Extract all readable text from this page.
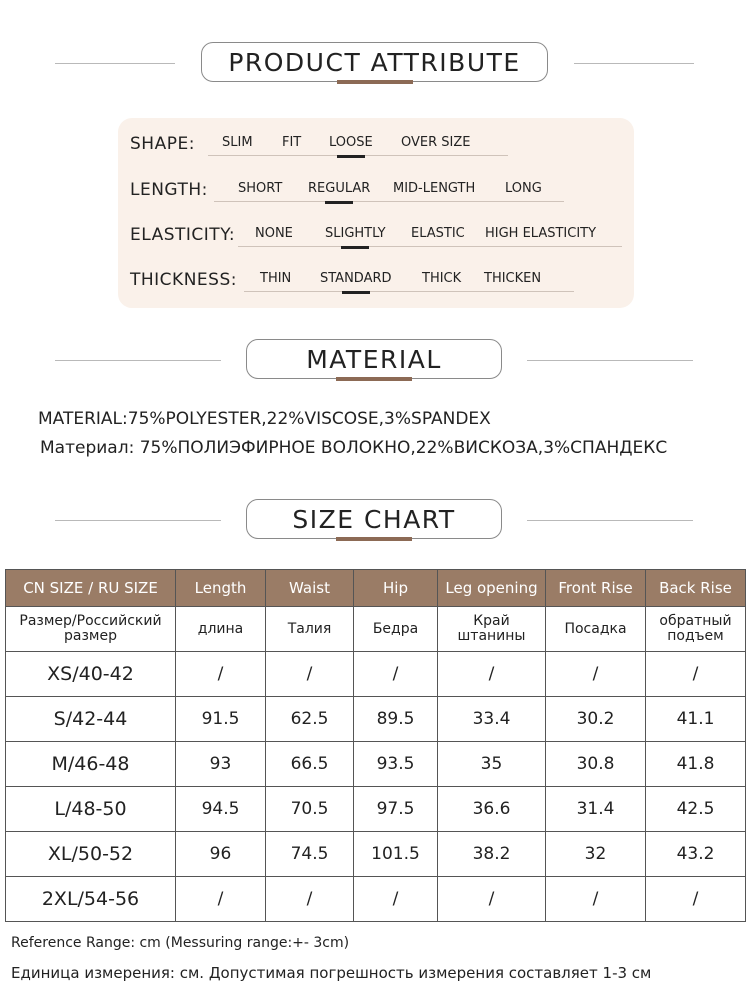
PRODUCT ATTRIBUTE
SHAPE: SLIM FIT LOOSE OVER SIZE
LENGTH: SHORT REGULAR MID-LENGTH LONG
ELASTICITY: NONE SLIGHTLY ELASTIC HIGH ELASTICITY
THICKNESS: THIN STANDARD THICK THICKEN
MATERIAL
MATERIAL:75%POLYESTER,22%VISCOSE,3%SPANDEX
Материал: 75%ПОЛИЭФИРНОЕ ВОЛОКНО,22%ВИСКОЗА,3%СПАНДЕКС
SIZE CHART
CN SIZE / RU SIZE	Length	Waist	Hip	Leg opening	Front Rise	Back Rise
Размер/Российский размер	длина	Талия	Бедра	Край штанины	Посадка	обратный подъем
XS/40-42	/	/	/	/	/	/
S/42-44	91.5	62.5	89.5	33.4	30.2	41.1
M/46-48	93	66.5	93.5	35	30.8	41.8
L/48-50	94.5	70.5	97.5	36.6	31.4	42.5
XL/50-52	96	74.5	101.5	38.2	32	43.2
2XL/54-56	/	/	/	/	/	/
Reference Range: cm (Messuring range:+- 3cm)
Единица измерения: см. Допустимая погрешность измерения составляет 1-3 см
